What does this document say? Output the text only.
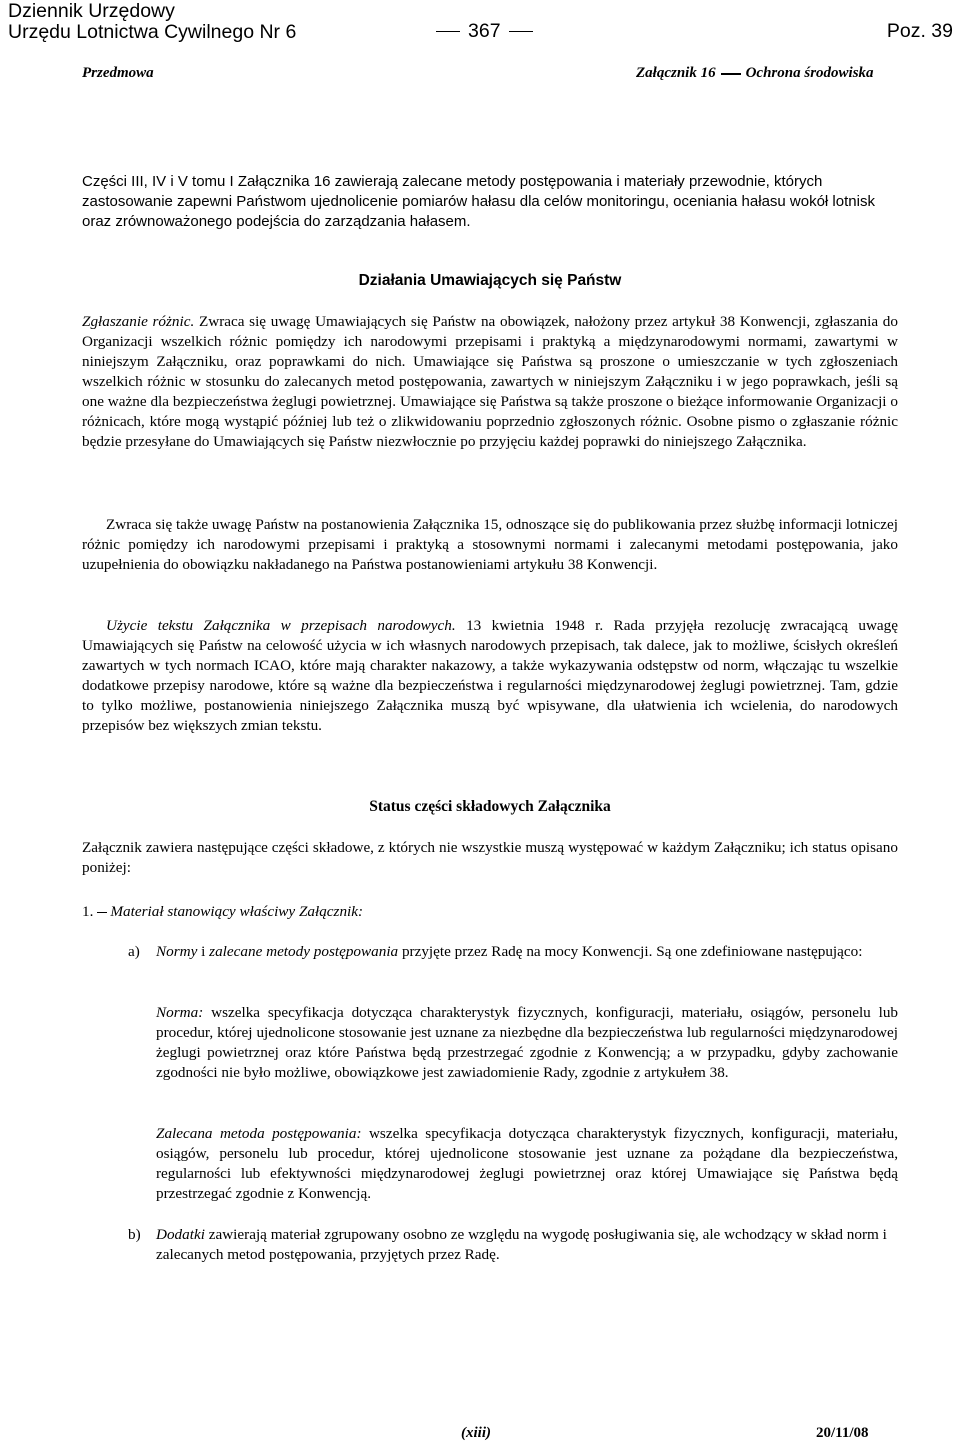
Dziennik Urzędowy
Urzędu Lotnictwa Cywilnego Nr 6	367	Poz. 39
Przedmowa	Załącznik 16 Ochrona środowiska

Części III, IV i V tomu I Załącznika 16 zawierają zalecane metody postępowania i materiały przewodnie, których zastosowanie zapewni Państwom ujednolicenie pomiarów hałasu dla celów monitoringu, oceniania hałasu wokół lotnisk oraz zrównoważonego podejścia do zarządzania hałasem.

Działania Umawiających się Państw

Zgłaszanie różnic. Zwraca się uwagę Umawiających się Państw na obowiązek, nałożony przez artykuł 38 Konwencji, zgłaszania do Organizacji wszelkich różnic pomiędzy ich narodowymi przepisami i praktyką a międzynarodowymi normami, zawartymi w niniejszym Załączniku, oraz poprawkami do nich. Umawiające się Państwa są proszone o umieszczanie w tych zgłoszeniach wszelkich różnic w stosunku do zalecanych metod postępowania, zawartych w niniejszym Załączniku i w jego poprawkach, jeśli są one ważne dla bezpieczeństwa żeglugi powietrznej. Umawiające się Państwa są także proszone o bieżące informowanie Organizacji o różnicach, które mogą wystąpić później lub też o zlikwidowaniu poprzednio zgłoszonych różnic. Osobne pismo o zgłaszanie różnic będzie przesyłane do Umawiających się Państw niezwłocznie po przyjęciu każdej poprawki do niniejszego Załącznika.

Zwraca się także uwagę Państw na postanowienia Załącznika 15, odnoszące się do publikowania przez służbę informacji lotniczej różnic pomiędzy ich narodowymi przepisami i praktyką a stosownymi normami i zalecanymi metodami postępowania, jako uzupełnienia do obowiązku nakładanego na Państwa postanowieniami artykułu 38 Konwencji.

Użycie tekstu Załącznika w przepisach narodowych. 13 kwietnia 1948 r. Rada przyjęła rezolucję zwracającą uwagę Umawiających się Państw na celowość użycia w ich własnych narodowych przepisach, tak dalece, jak to możliwe, ścisłych określeń zawartych w tych normach ICAO, które mają charakter nakazowy, a także wykazywania odstępstw od norm, włączając tu wszelkie dodatkowe przepisy narodowe, które są ważne dla bezpieczeństwa i regularności międzynarodowej żeglugi powietrznej. Tam, gdzie to tylko możliwe, postanowienia niniejszego Załącznika muszą być wpisywane, dla ułatwienia ich wcielenia, do narodowych przepisów bez większych zmian tekstu.

Status części składowych Załącznika

Załącznik zawiera następujące części składowe, z których nie wszystkie muszą występować w każdym Załączniku; ich status opisano poniżej:

1. Materiał stanowiący właściwy Załącznik:
a) Normy i zalecane metody postępowania przyjęte przez Radę na mocy Konwencji. Są one zdefiniowane następująco:

Norma: wszelka specyfikacja dotycząca charakterystyk fizycznych, konfiguracji, materiału, osiągów, personelu lub procedur, której ujednolicone stosowanie jest uznane za niezbędne dla bezpieczeństwa lub regularności międzynarodowej żeglugi powietrznej oraz które Państwa będą przestrzegać zgodnie z Konwencją; a w przypadku, gdyby zachowanie zgodności nie było możliwe, obowiązkowe jest zawiadomienie Rady, zgodnie z artykułem 38.

Zalecana metoda postępowania: wszelka specyfikacja dotycząca charakterystyk fizycznych, konfiguracji, materiału, osiągów, personelu lub procedur, której ujednolicone stosowanie jest uznane za pożądane dla bezpieczeństwa, regularności lub efektywności międzynarodowej żeglugi powietrznej oraz której Umawiające się Państwa będą przestrzegać zgodnie z Konwencją.

b) Dodatki zawierają materiał zgrupowany osobno ze względu na wygodę posługiwania się, ale wchodzący w skład norm i zalecanych metod postępowania, przyjętych przez Radę.

(xiii)	20/11/08
